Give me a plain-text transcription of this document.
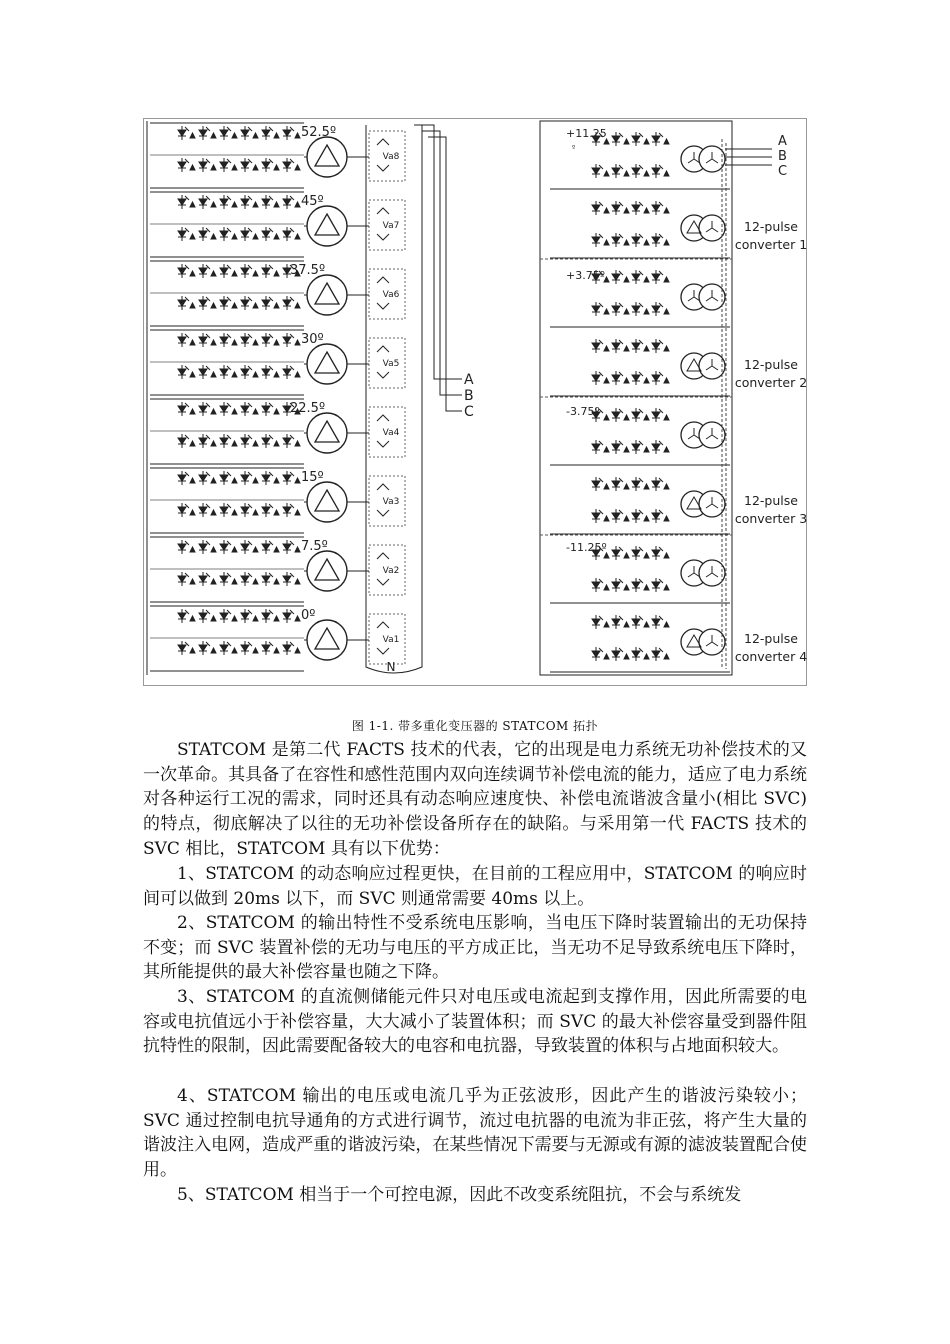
52.5º
Va8
45º
Va7
37.5º
Va6
30º
Va5
22.5º
Va4
15º
Va3
7.5º
Va2
0º
Va1
A
B
C
N
+11.25
+3.75º
-3.75º
-11.25º
º	A
B
C
12-pulse
converter 1
12-pulse
converter 2
12-pulse
converter 3
12-pulse
converter 4
图 1-1. 带多重化变压器的 STATCOM 拓扑

STATCOM 是第二代 FACTS 技术的代表，它的出现是电力系统无功补偿技术的又一次革命。其具备了在容性和感性范围内双向连续调节补偿电流的能力，适应了电力系统对各种运行工况的需求，同时还具有动态响应速度快、补偿电流谐波含量小(相比 SVC)的特点，彻底解决了以往的无功补偿设备所存在的缺陷。与采用第一代 FACTS 技术的 SVC 相比，STATCOM 具有以下优势：

1、STATCOM 的动态响应过程更快，在目前的工程应用中，STATCOM 的响应时间可以做到 20ms 以下，而 SVC 则通常需要 40ms 以上。

2、STATCOM 的输出特性不受系统电压影响，当电压下降时装置输出的无功保持不变；而 SVC 装置补偿的无功与电压的平方成正比，当无功不足导致系统电压下降时，其所能提供的最大补偿容量也随之下降。

3、STATCOM 的直流侧储能元件只对电压或电流起到支撑作用，因此所需要的电容或电抗值远小于补偿容量，大大减小了装置体积；而 SVC 的最大补偿容量受到器件阻抗特性的限制，因此需要配备较大的电容和电抗器，导致装置的体积与占地面积较大。

4、STATCOM 输出的电压或电流几乎为正弦波形，因此产生的谐波污染较小；SVC 通过控制电抗导通角的方式进行调节，流过电抗器的电流为非正弦，将产生大量的谐波注入电网，造成严重的谐波污染，在某些情况下需要与无源或有源的滤波装置配合使用。

5、STATCOM 相当于一个可控电源，因此不改变系统阻抗，不会与系统发
